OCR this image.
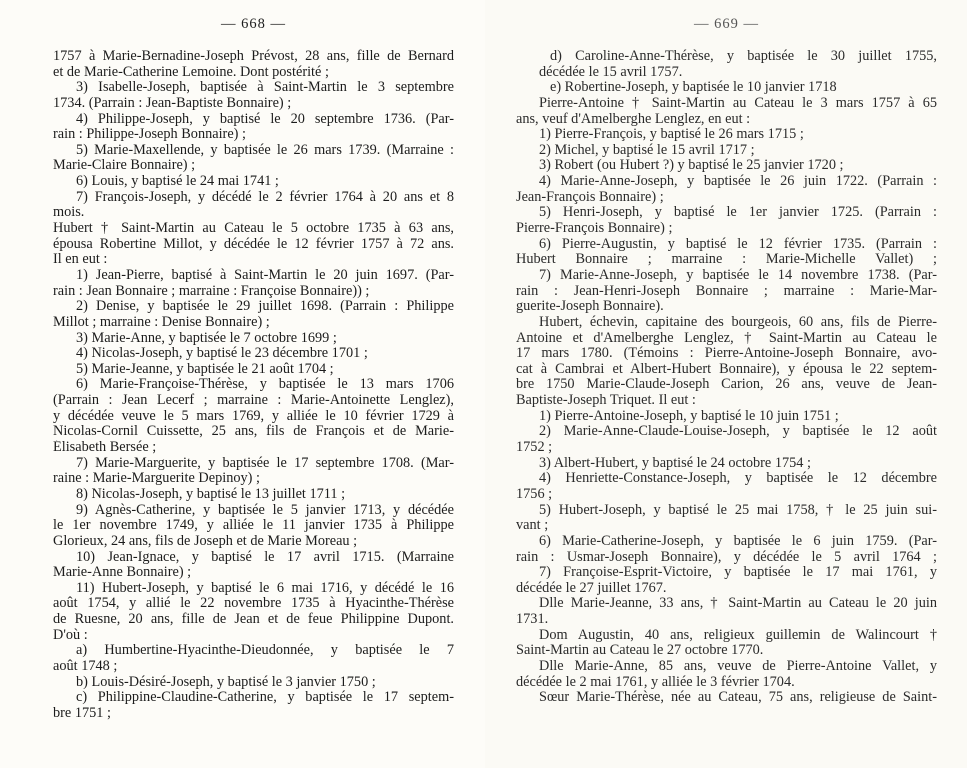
— 668 —
1757 à Marie-Bernadine-Joseph Prévost, 28 ans, fille de Bernard
et de Marie-Catherine Lemoine. Dont postérité ;
3) Isabelle-Joseph, baptisée à Saint-Martin le 3 septembre
1734. (Parrain : Jean-Baptiste Bonnaire) ;
4) Philippe-Joseph, y baptisé le 20 septembre 1736. (Par-
rain : Philippe-Joseph Bonnaire) ;
5) Marie-Maxellende, y baptisée le 26 mars 1739. (Marraine :
Marie-Claire Bonnaire) ;
6) Louis, y baptisé le 24 mai 1741 ;
7) François-Joseph, y décédé le 2 février 1764 à 20 ans et 8
mois.
Hubert † Saint-Martin au Cateau le 5 octobre 1735 à 63 ans,
épousa Robertine Millot, y décédée le 12 février 1757 à 72 ans.
Il en eut :
1) Jean-Pierre, baptisé à Saint-Martin le 20 juin 1697. (Par-
rain : Jean Bonnaire ; marraine : Françoise Bonnaire)) ;
2) Denise, y baptisée le 29 juillet 1698. (Parrain : Philippe
Millot ; marraine : Denise Bonnaire) ;
3) Marie-Anne, y baptisée le 7 octobre 1699 ;
4) Nicolas-Joseph, y baptisé le 23 décembre 1701 ;
5) Marie-Jeanne, y baptisée le 21 août 1704 ;
6) Marie-Françoise-Thérèse, y baptisée le 13 mars 1706
(Parrain : Jean Lecerf ; marraine : Marie-Antoinette Lenglez),
y décédée veuve le 5 mars 1769, y alliée le 10 février 1729 à
Nicolas-Cornil Cuissette, 25 ans, fils de François et de Marie-
Élisabeth Bersée ;
7) Marie-Marguerite, y baptisée le 17 septembre 1708. (Mar-
raine : Marie-Marguerite Depinoy) ;
8) Nicolas-Joseph, y baptisé le 13 juillet 1711 ;
9) Agnès-Catherine, y baptisée le 5 janvier 1713, y décédée
le 1er novembre 1749, y alliée le 11 janvier 1735 à Philippe
Glorieux, 24 ans, fils de Joseph et de Marie Moreau ;
10) Jean-Ignace, y baptisé le 17 avril 1715. (Marraine
Marie-Anne Bonnaire) ;
11) Hubert-Joseph, y baptisé le 6 mai 1716, y décédé le 16
août 1754, y allié le 22 novembre 1735 à Hyacinthe-Thérèse
de Ruesne, 20 ans, fille de Jean et de feue Philippine Dupont.
D'où :
a) Humbertine-Hyacinthe-Dieudonnée, y baptisée le 7
août 1748 ;
b) Louis-Désiré-Joseph, y baptisé le 3 janvier 1750 ;
c) Philippine-Claudine-Catherine, y baptisée le 17 septem-
bre 1751 ;
— 669 —
d) Caroline-Anne-Thérèse, y baptisée le 30 juillet 1755,
décédée le 15 avril 1757.
e) Robertine-Joseph, y baptisée le 10 janvier 1718
Pierre-Antoine † Saint-Martin au Cateau le 3 mars 1757 à 65
ans, veuf d'Amelberghe Lenglez, en eut :
1) Pierre-François, y baptisé le 26 mars 1715 ;
2) Michel, y baptisé le 15 avril 1717 ;
3) Robert (ou Hubert ?) y baptisé le 25 janvier 1720 ;
4) Marie-Anne-Joseph, y baptisée le 26 juin 1722. (Parrain :
Jean-François Bonnaire) ;
5) Henri-Joseph, y baptisé le 1er janvier 1725. (Parrain :
Pierre-François Bonnaire) ;
6) Pierre-Augustin, y baptisé le 12 février 1735. (Parrain :
Hubert Bonnaire ; marraine : Marie-Michelle Vallet) ;
7) Marie-Anne-Joseph, y baptisée le 14 novembre 1738. (Par-
rain : Jean-Henri-Joseph Bonnaire ; marraine : Marie-Mar-
guerite-Joseph Bonnaire).
Hubert, échevin, capitaine des bourgeois, 60 ans, fils de Pierre-
Antoine et d'Amelberghe Lenglez, † Saint-Martin au Cateau le
17 mars 1780. (Témoins : Pierre-Antoine-Joseph Bonnaire, avo-
cat à Cambrai et Albert-Hubert Bonnaire), y épousa le 22 septem-
bre 1750 Marie-Claude-Joseph Carion, 26 ans, veuve de Jean-
Baptiste-Joseph Triquet. Il eut :
1) Pierre-Antoine-Joseph, y baptisé le 10 juin 1751 ;
2) Marie-Anne-Claude-Louise-Joseph, y baptisée le 12 août
1752 ;
3) Albert-Hubert, y baptisé le 24 octobre 1754 ;
4) Henriette-Constance-Joseph, y baptisée le 12 décembre
1756 ;
5) Hubert-Joseph, y baptisé le 25 mai 1758, † le 25 juin sui-
vant ;
6) Marie-Catherine-Joseph, y baptisée le 6 juin 1759. (Par-
rain : Usmar-Joseph Bonnaire), y décédée le 5 avril 1764 ;
7) Françoise-Esprit-Victoire, y baptisée le 17 mai 1761, y
décédée le 27 juillet 1767.
Dlle Marie-Jeanne, 33 ans, † Saint-Martin au Cateau le 20 juin
1731.
Dom Augustin, 40 ans, religieux guillemin de Walincourt †
Saint-Martin au Cateau le 27 octobre 1770.
Dlle Marie-Anne, 85 ans, veuve de Pierre-Antoine Vallet, y
décédée le 2 mai 1761, y alliée le 3 février 1704.
Sœur Marie-Thérèse, née au Cateau, 75 ans, religieuse de Saint-
